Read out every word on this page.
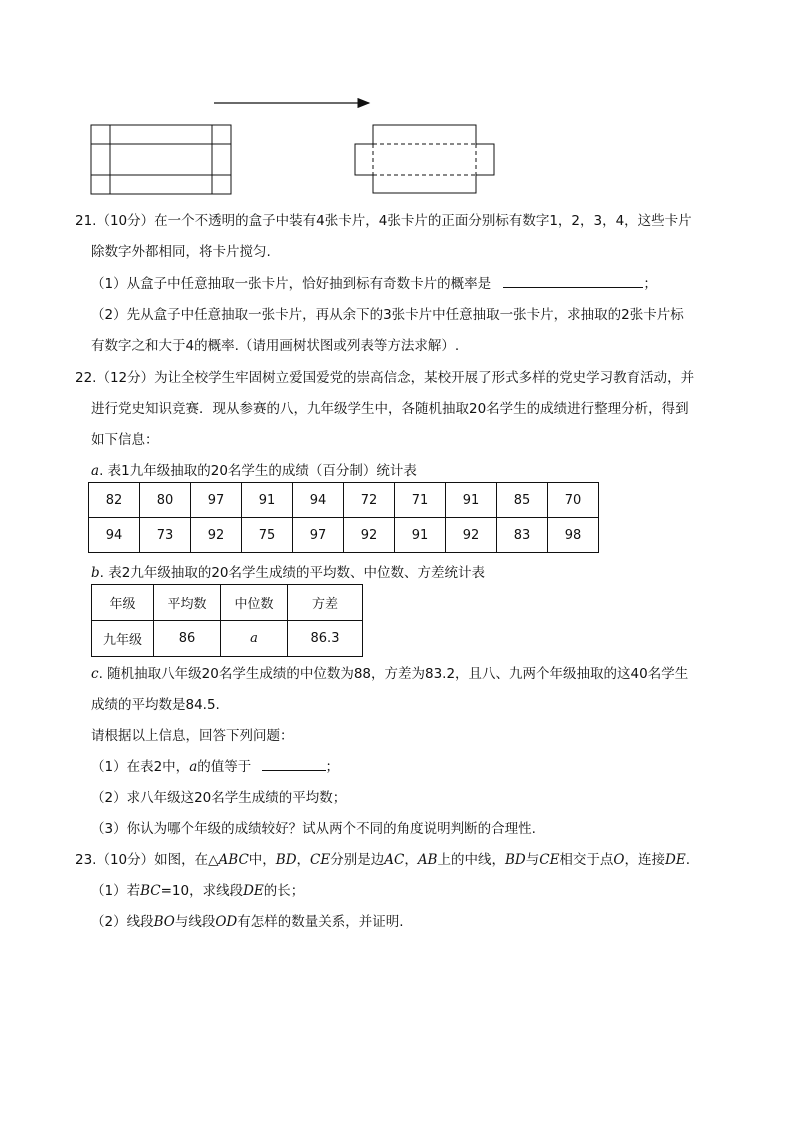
21.（10分）在一个不透明的盒子中装有4张卡片，4张卡片的正面分别标有数字1，2，3，4，这些卡片
除数字外都相同，将卡片搅匀.
（1）从盒子中任意抽取一张卡片，恰好抽到标有奇数卡片的概率是	；
（2）先从盒子中任意抽取一张卡片，再从余下的3张卡片中任意抽取一张卡片，求抽取的2张卡片标
有数字之和大于4的概率.（请用画树状图或列表等方法求解）.
22.（12分）为让全校学生牢固树立爱国爱党的崇高信念，某校开展了形式多样的党史学习教育活动，并
进行党史知识竞赛．现从参赛的八，九年级学生中，各随机抽取20名学生的成绩进行整理分析，得到
如下信息：
a. 表1九年级抽取的20名学生的成绩（百分制）统计表
82	80	97	91	94	72	71	91	85	70
94	73	92	75	97	92	91	92	83	98
b. 表2九年级抽取的20名学生成绩的平均数、中位数、方差统计表
年级	平均数	中位数	方差
九年级	86	a	86.3
c. 随机抽取八年级20名学生成绩的中位数为88，方差为83.2，且八、九两个年级抽取的这40名学生
成绩的平均数是84.5.
请根据以上信息，回答下列问题：
（1）在表2中，a的值等于	；
（2）求八年级这20名学生成绩的平均数；
（3）你认为哪个年级的成绩较好？试从两个不同的角度说明判断的合理性.
23.（10分）如图，在△ABC中，BD，CE分别是边AC，AB上的中线，BD与CE相交于点O，连接DE.
（1）若BC=10，求线段DE的长；
（2）线段BO与线段OD有怎样的数量关系，并证明.
